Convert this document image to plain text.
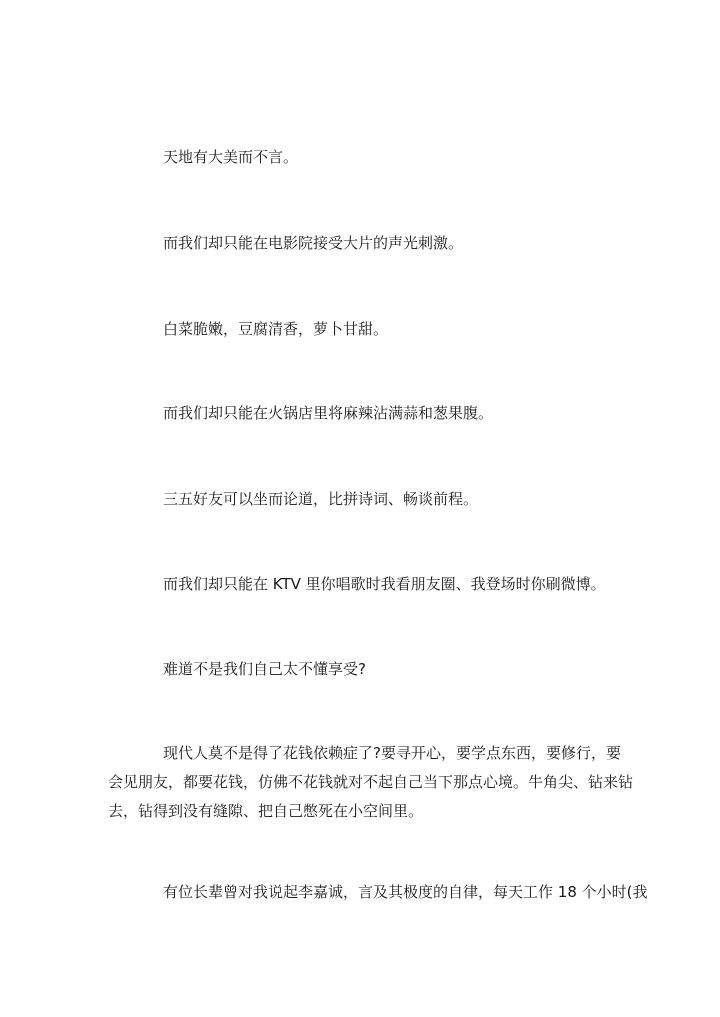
天地有大美而不言。
而我们却只能在电影院接受大片的声光刺激。
白菜脆嫩，豆腐清香，萝卜甘甜。
而我们却只能在火锅店里将麻辣沾满蒜和葱果腹。
三五好友可以坐而论道，比拼诗词、畅谈前程。
而我们却只能在 KTV 里你唱歌时我看朋友圈、我登场时你刷微博。
难道不是我们自己太不懂享受?
现代人莫不是得了花钱依赖症了?要寻开心，要学点东西，要修行，要
会见朋友，都要花钱，仿佛不花钱就对不起自己当下那点心境。牛角尖、钻来钻
去，钻得到没有缝隙、把自己憋死在小空间里。
有位长辈曾对我说起李嘉诚，言及其极度的自律，每天工作 18 个小时(我
